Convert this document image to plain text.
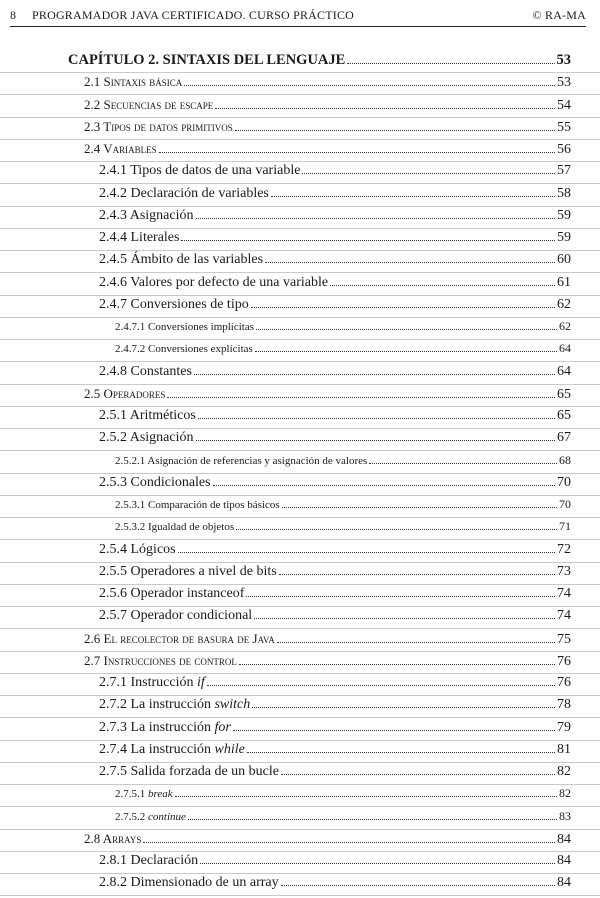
8 PROGRAMADOR JAVA CERTIFICADO. CURSO PRÁCTICO	© RA-MA
CAPÍTULO 2. SINTAXIS DEL LENGUAJE	53
2.1 Sintaxis básica	53
2.2 Secuencias de escape	54
2.3 Tipos de datos primitivos	55
2.4 Variables	56
2.4.1 Tipos de datos de una variable	57
2.4.2 Declaración de variables	58
2.4.3 Asignación	59
2.4.4 Literales	59
2.4.5 Ámbito de las variables	60
2.4.6 Valores por defecto de una variable	61
2.4.7 Conversiones de tipo	62
2.4.7.1 Conversiones implícitas	62
2.4.7.2 Conversiones explícitas	64
2.4.8 Constantes	64
2.5 Operadores	65
2.5.1 Aritméticos	65
2.5.2 Asignación	67
2.5.2.1 Asignación de referencias y asignación de valores	68
2.5.3 Condicionales	70
2.5.3.1 Comparación de tipos básicos	70
2.5.3.2 Igualdad de objetos	71
2.5.4 Lógicos	72
2.5.5 Operadores a nivel de bits	73
2.5.6 Operador instanceof	74
2.5.7 Operador condicional	74
2.6 El recolector de basura de Java	75
2.7 Instrucciones de control	76
2.7.1 Instrucción if	76
2.7.2 La instrucción switch	78
2.7.3 La instrucción for	79
2.7.4 La instrucción while	81
2.7.5 Salida forzada de un bucle	82
2.7.5.1 break	82
2.7.5.2 continue	83
2.8 Arrays	84
2.8.1 Declaración	84
2.8.2 Dimensionado de un array	84
